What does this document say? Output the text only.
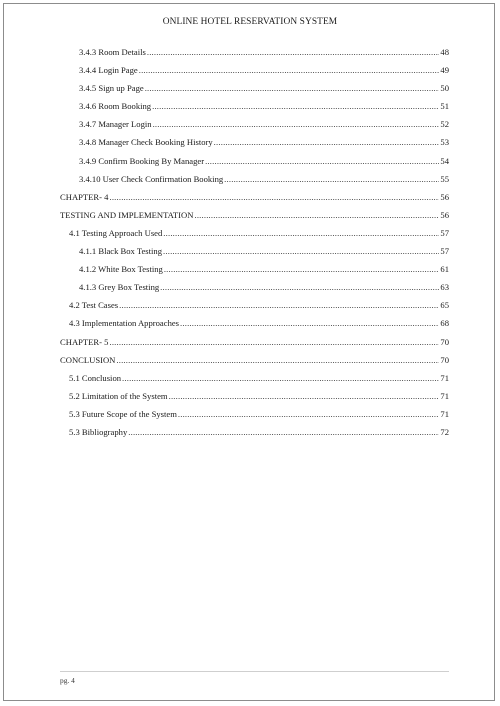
ONLINE HOTEL RESERVATION SYSTEM
3.4.3 Room Details .....	48
3.4.4 Login Page .....	49
3.4.5 Sign up Page .....	50
3.4.6 Room Booking .....	51
3.4.7 Manager Login .....	52
3.4.8 Manager Check Booking History .....	53
3.4.9 Confirm Booking By Manager .....	54
3.4.10 User Check Confirmation Booking .....	55
CHAPTER- 4 .....	56
TESTING AND IMPLEMENTATION .....	56
4.1 Testing Approach Used .....	57
4.1.1 Black Box Testing .....	57
4.1.2 White Box Testing .....	61
4.1.3 Grey Box Testing .....	63
4.2 Test Cases .....	65
4.3 Implementation Approaches .....	68
CHAPTER- 5 .....	70
CONCLUSION .....	70
5.1 Conclusion .....	71
5.2 Limitation of the System .....	71
5.3 Future Scope of the System .....	71
5.3 Bibliography .....	72
pg. 4
